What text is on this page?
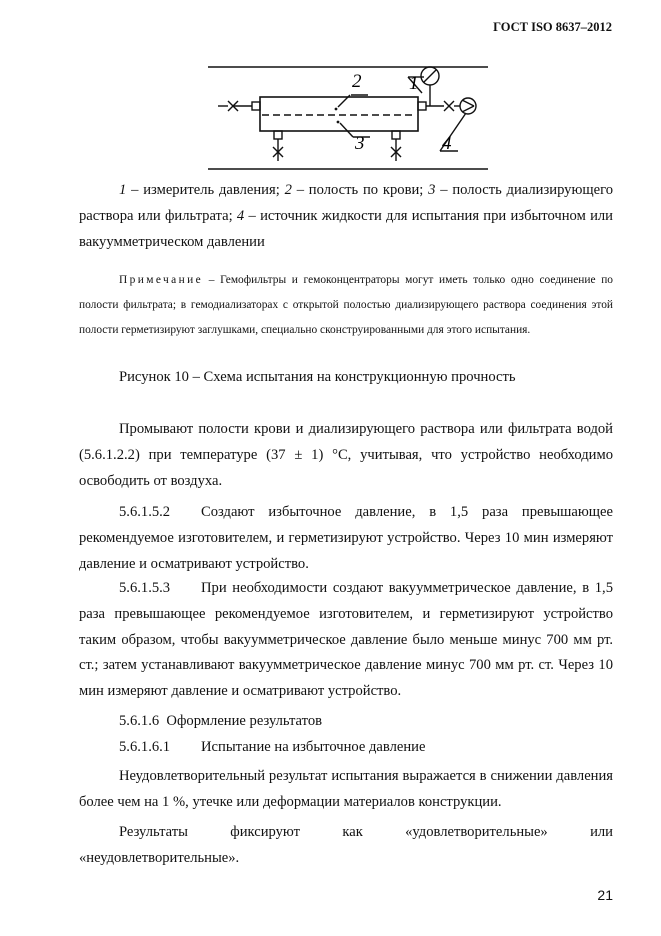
ГОСТ ISO 8637–2012
2	1
3	4

1 – измеритель давления; 2 – полость по крови; 3 – полость диализирующего раствора или фильтрата; 4 – источник жидкости для испытания при избыточном или вакуумметрическом давлении

Примечание – Гемофильтры и гемоконцентраторы могут иметь только одно соединение по полости фильтрата; в гемодиализаторах с открытой полостью диализирующего раствора соединения этой полости герметизируют заглушками, специально сконструированными для этого испытания.

Рисунок 10 – Схема испытания на конструкционную прочность

Промывают полости крови и диализирующего раствора или фильтрата водой (5.6.1.2.2) при температуре (37 ± 1) °С, учитывая, что устройство необходимо освободить от воздуха.

5.6.1.5.2 Создают избыточное давление, в 1,5 раза превышающее рекомендуемое изготовителем, и герметизируют устройство. Через 10 мин измеряют давление и осматривают устройство.

5.6.1.5.3 При необходимости создают вакуумметрическое давление, в 1,5 раза превышающее рекомендуемое изготовителем, и герметизируют устройство таким образом, чтобы вакуумметрическое давление было меньше минус 700 мм рт. ст.; затем устанавливают вакуумметрическое давление минус 700 мм рт. ст. Через 10 мин измеряют давление и осматривают устройство.

5.6.1.6  Оформление результатов
5.6.1.6.1 Испытание на избыточное давление

Неудовлетворительный результат испытания выражается в снижении давления более чем на 1 %, утечке или деформации материалов конструкции.

Результаты	фиксируют	как	«удовлетворительные»	или
«неудовлетворительные».
21
